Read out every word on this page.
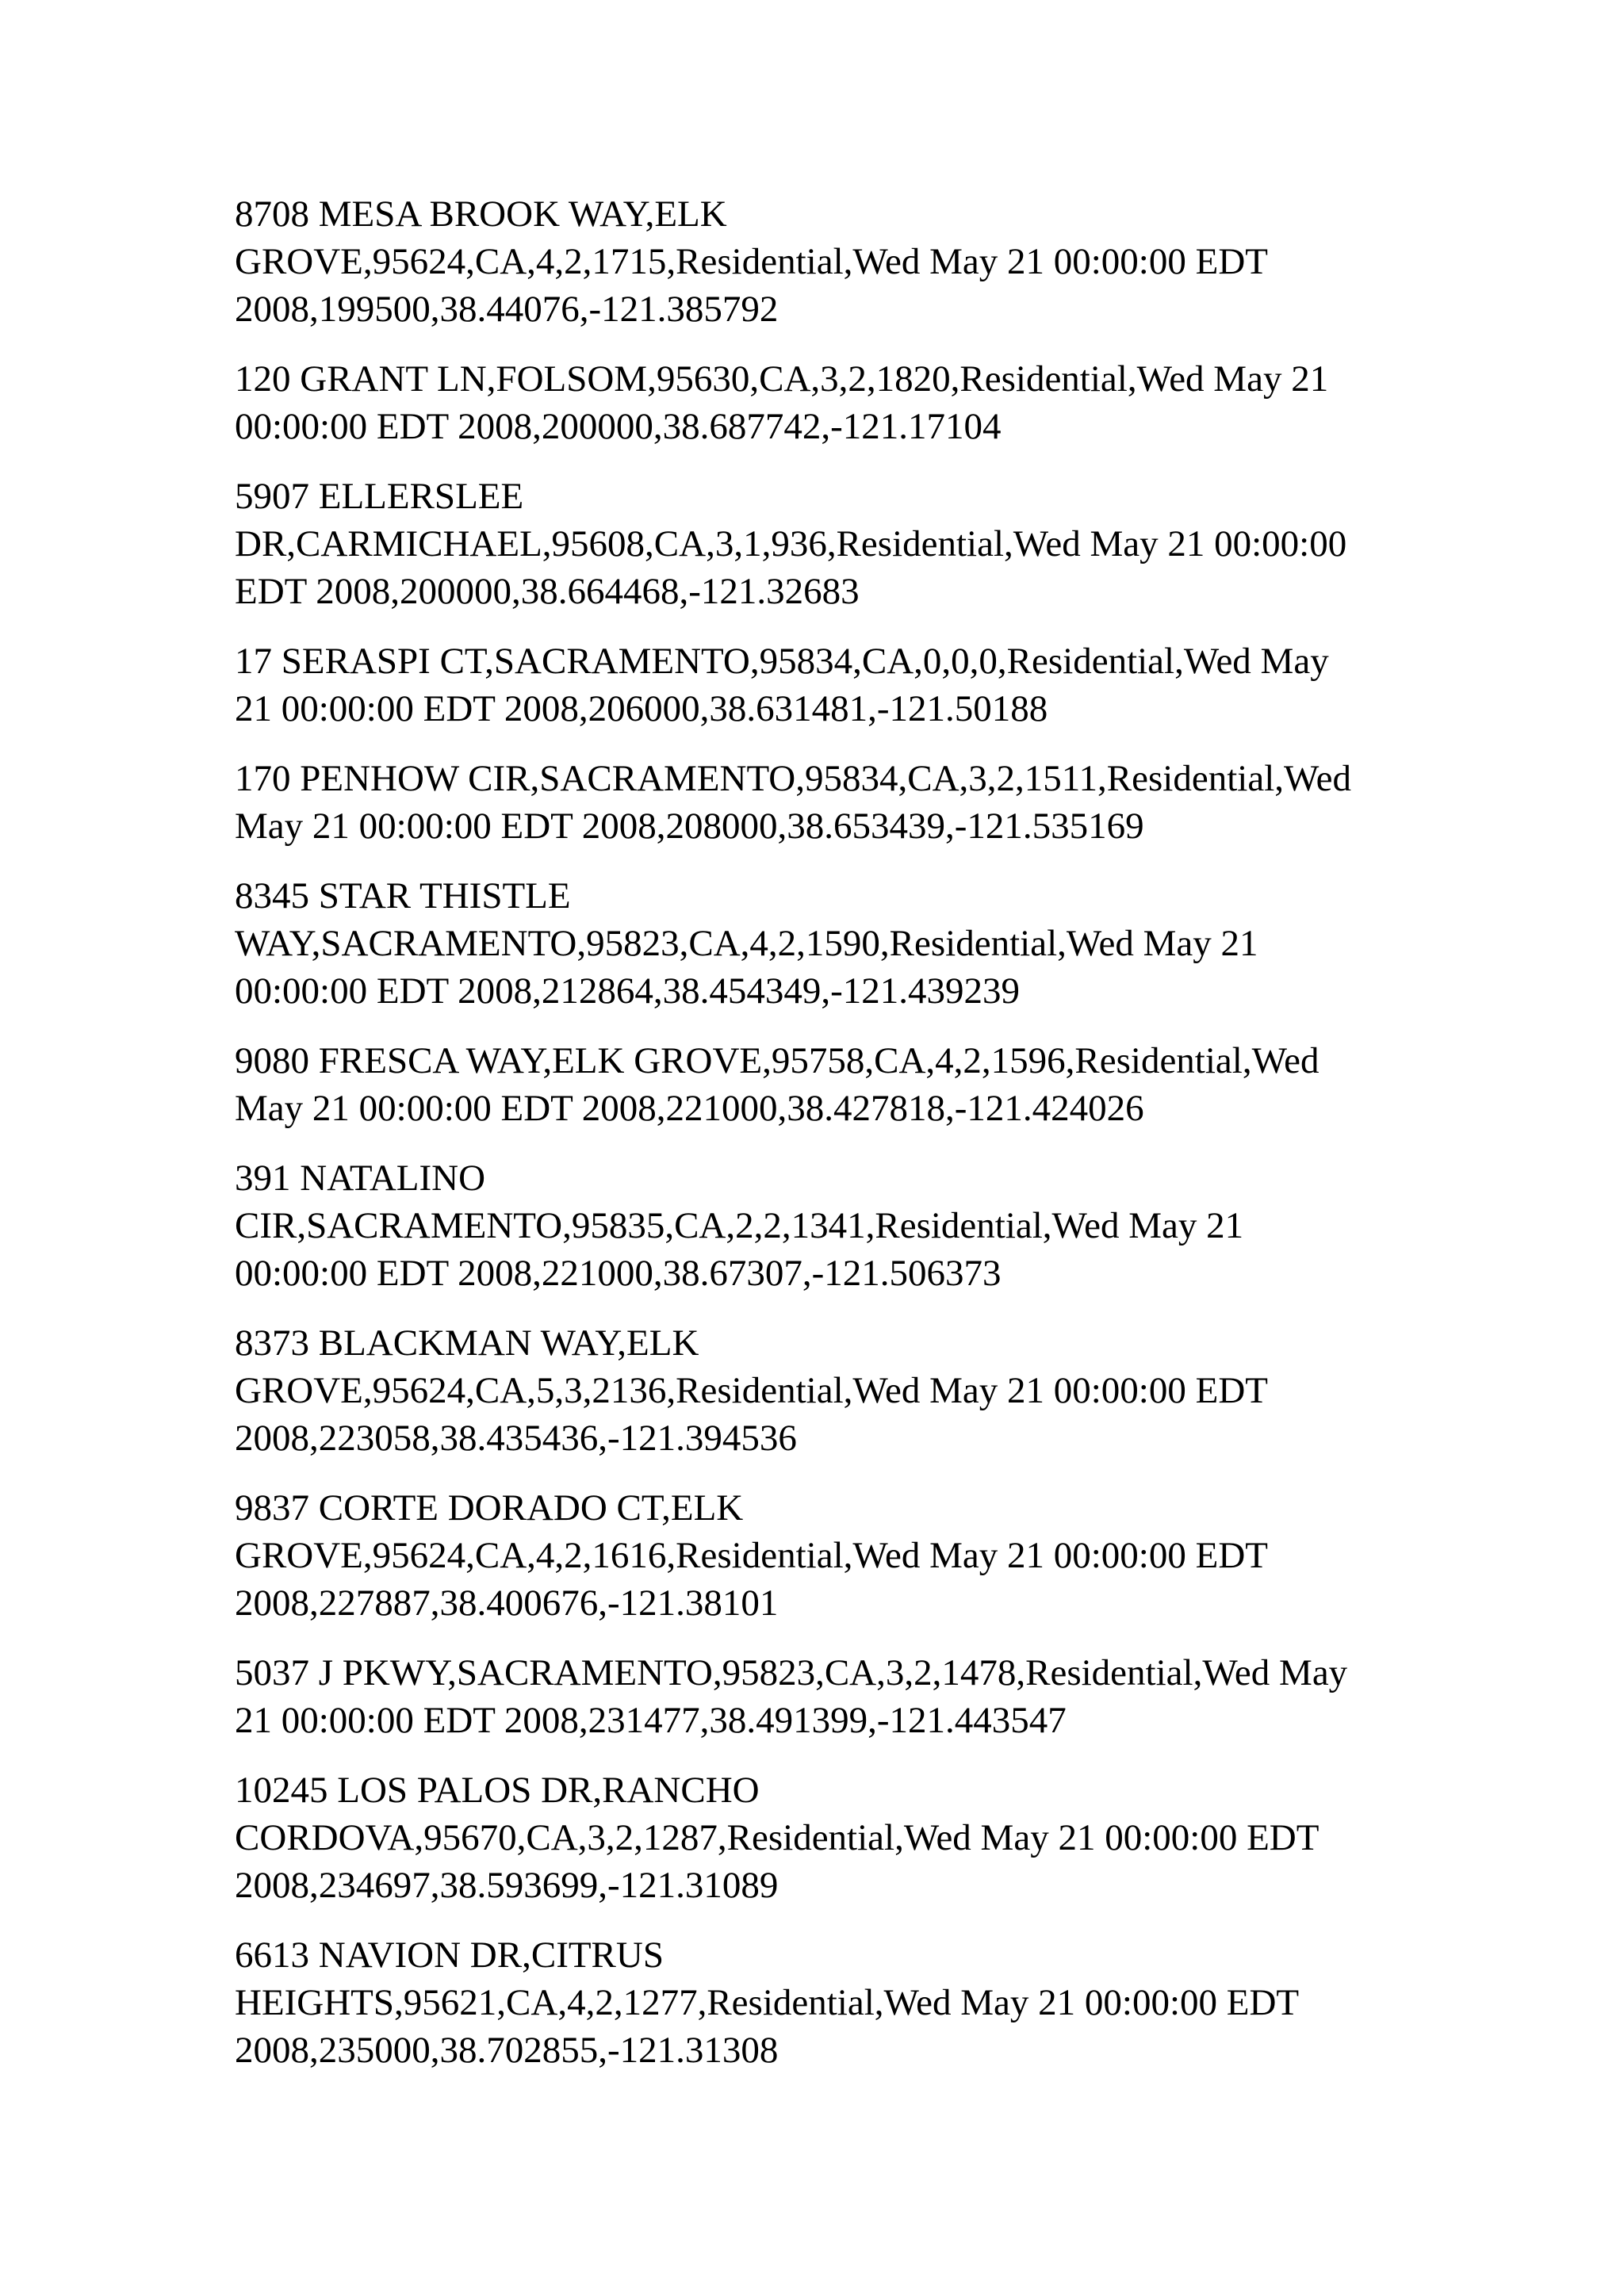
8708 MESA BROOK WAY,ELK
GROVE,95624,CA,4,2,1715,Residential,Wed May 21 00:00:00 EDT
2008,199500,38.44076,-121.385792

120 GRANT LN,FOLSOM,95630,CA,3,2,1820,Residential,Wed May 21
00:00:00 EDT 2008,200000,38.687742,-121.17104

5907 ELLERSLEE
DR,CARMICHAEL,95608,CA,3,1,936,Residential,Wed May 21 00:00:00
EDT 2008,200000,38.664468,-121.32683

17 SERASPI CT,SACRAMENTO,95834,CA,0,0,0,Residential,Wed May
21 00:00:00 EDT 2008,206000,38.631481,-121.50188

170 PENHOW CIR,SACRAMENTO,95834,CA,3,2,1511,Residential,Wed
May 21 00:00:00 EDT 2008,208000,38.653439,-121.535169

8345 STAR THISTLE
WAY,SACRAMENTO,95823,CA,4,2,1590,Residential,Wed May 21
00:00:00 EDT 2008,212864,38.454349,-121.439239

9080 FRESCA WAY,ELK GROVE,95758,CA,4,2,1596,Residential,Wed
May 21 00:00:00 EDT 2008,221000,38.427818,-121.424026

391 NATALINO
CIR,SACRAMENTO,95835,CA,2,2,1341,Residential,Wed May 21
00:00:00 EDT 2008,221000,38.67307,-121.506373

8373 BLACKMAN WAY,ELK
GROVE,95624,CA,5,3,2136,Residential,Wed May 21 00:00:00 EDT
2008,223058,38.435436,-121.394536

9837 CORTE DORADO CT,ELK
GROVE,95624,CA,4,2,1616,Residential,Wed May 21 00:00:00 EDT
2008,227887,38.400676,-121.38101

5037 J PKWY,SACRAMENTO,95823,CA,3,2,1478,Residential,Wed May
21 00:00:00 EDT 2008,231477,38.491399,-121.443547

10245 LOS PALOS DR,RANCHO
CORDOVA,95670,CA,3,2,1287,Residential,Wed May 21 00:00:00 EDT
2008,234697,38.593699,-121.31089

6613 NAVION DR,CITRUS
HEIGHTS,95621,CA,4,2,1277,Residential,Wed May 21 00:00:00 EDT
2008,235000,38.702855,-121.31308
